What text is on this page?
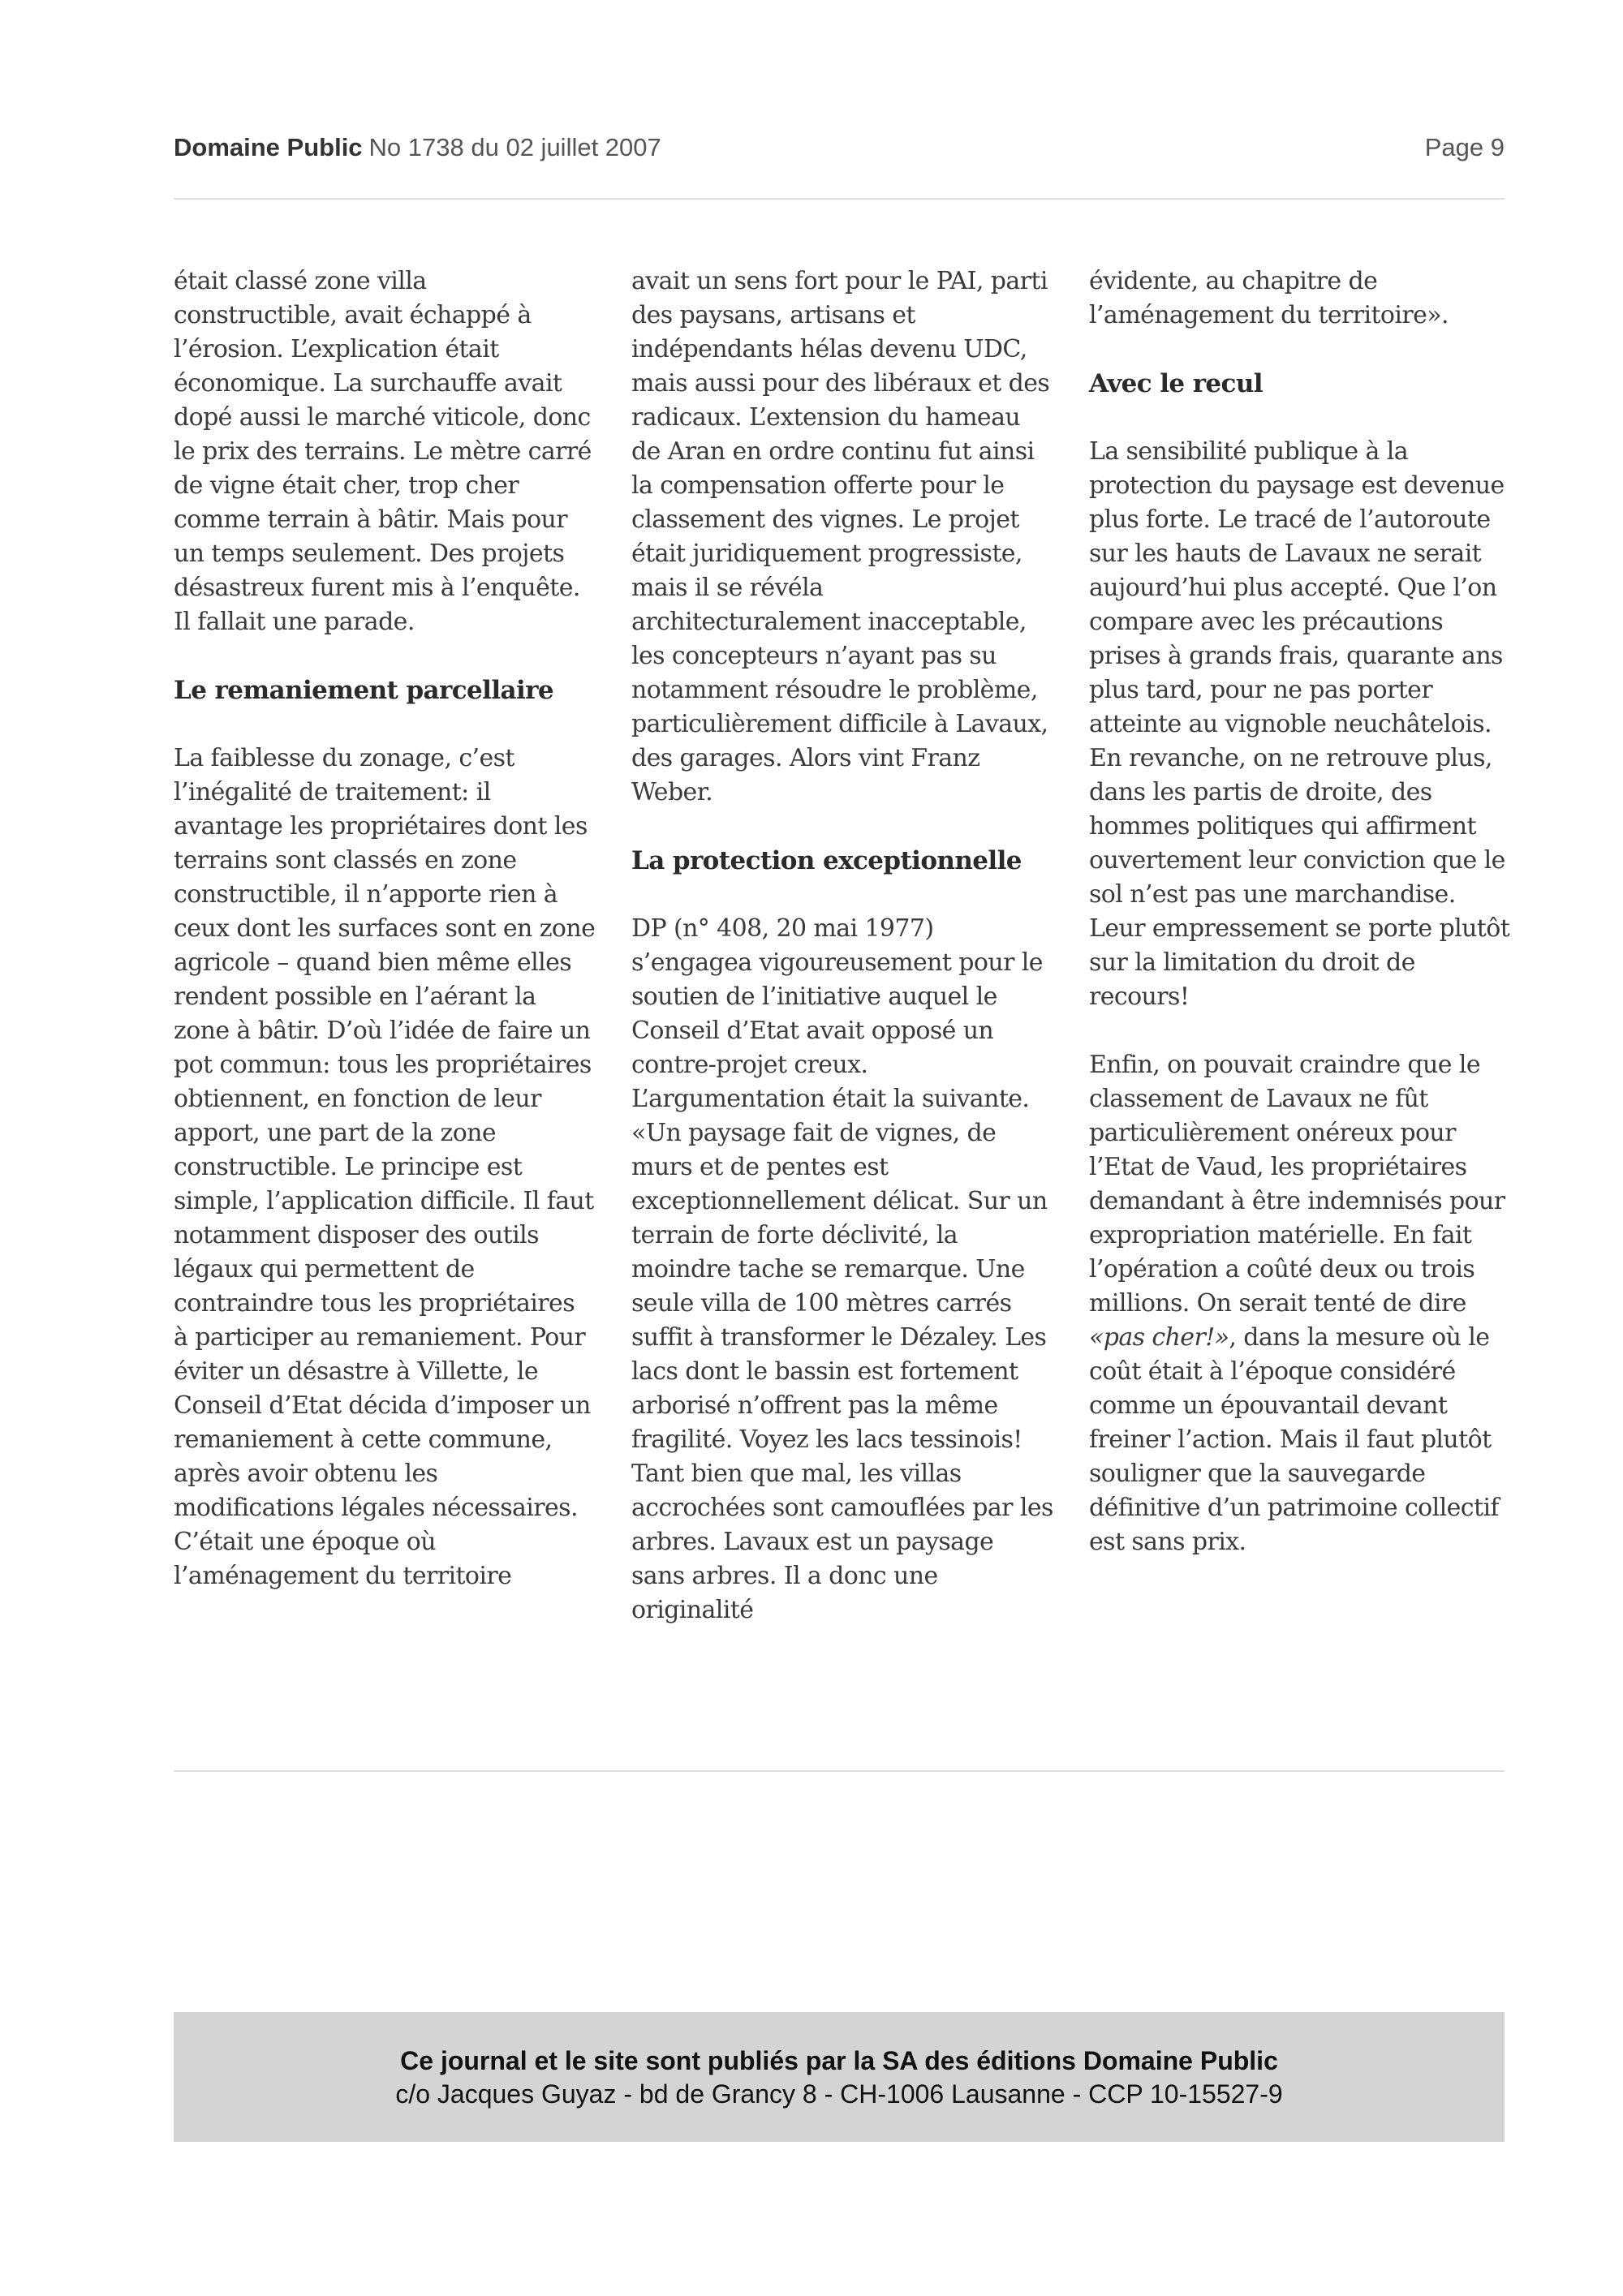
Domaine Public No 1738 du 02 juillet 2007	Page 9

était classé zone villa constructible, avait échappé à l’érosion. L’explication était économique. La surchauffe avait dopé aussi le marché viticole, donc le prix des terrains. Le mètre carré de vigne était cher, trop cher comme terrain à bâtir. Mais pour un temps seulement. Des projets désastreux furent mis à l’enquête. Il fallait une parade.

Le remaniement parcellaire

La faiblesse du zonage, c’est l’inégalité de traitement: il avantage les propriétaires dont les terrains sont classés en zone constructible, il n’apporte rien à ceux dont les surfaces sont en zone agricole – quand bien même elles rendent possible en l’aérant la zone à bâtir. D’où l’idée de faire un pot commun: tous les propriétaires obtiennent, en fonction de leur apport, une part de la zone constructible. Le principe est simple, l’application difficile. Il faut notamment disposer des outils légaux qui permettent de contraindre tous les propriétaires à participer au remaniement. Pour éviter un désastre à Villette, le Conseil d’Etat décida d’imposer un remaniement à cette commune, après avoir obtenu les modifications légales nécessaires. C’était une époque où l’aménagement du territoire

avait un sens fort pour le PAI, parti des paysans, artisans et indépendants hélas devenu UDC, mais aussi pour des libéraux et des radicaux. L’extension du hameau de Aran en ordre continu fut ainsi la compensation offerte pour le classement des vignes. Le projet était juridiquement progressiste, mais il se révéla architecturalement inacceptable, les concepteurs n’ayant pas su notamment résoudre le problème, particulièrement difficile à Lavaux, des garages. Alors vint Franz Weber.

La protection exceptionnelle

DP (n° 408, 20 mai 1977) s’engagea vigoureusement pour le soutien de l’initiative auquel le Conseil d’Etat avait opposé un contre-projet creux. L’argumentation était la suivante. «Un paysage fait de vignes, de murs et de pentes est exceptionnellement délicat. Sur un terrain de forte déclivité, la moindre tache se remarque. Une seule villa de 100 mètres carrés suffit à transformer le Dézaley. Les lacs dont le bassin est fortement arborisé n’offrent pas la même fragilité. Voyez les lacs tessinois! Tant bien que mal, les villas accrochées sont camouflées par les arbres. Lavaux est un paysage sans arbres. Il a donc une originalité

évidente, au chapitre de l’aménagement du territoire».

Avec le recul

La sensibilité publique à la protection du paysage est devenue plus forte. Le tracé de l’autoroute sur les hauts de Lavaux ne serait aujourd’hui plus accepté. Que l’on compare avec les précautions prises à grands frais, quarante ans plus tard, pour ne pas porter atteinte au vignoble neuchâtelois. En revanche, on ne retrouve plus, dans les partis de droite, des hommes politiques qui affirment ouvertement leur conviction que le sol n’est pas une marchandise. Leur empressement se porte plutôt sur la limitation du droit de recours!

Enfin, on pouvait craindre que le classement de Lavaux ne fût particulièrement onéreux pour l’Etat de Vaud, les propriétaires demandant à être indemnisés pour expropriation matérielle. En fait l’opération a coûté deux ou trois millions. On serait tenté de dire «pas cher!», dans la mesure où le coût était à l’époque considéré comme un épouvantail devant freiner l’action. Mais il faut plutôt souligner que la sauvegarde définitive d’un patrimoine collectif est sans prix.

Ce journal et le site sont publiés par la SA des éditions Domaine Public
c/o Jacques Guyaz - bd de Grancy 8 - CH-1006 Lausanne - CCP 10-15527-9
